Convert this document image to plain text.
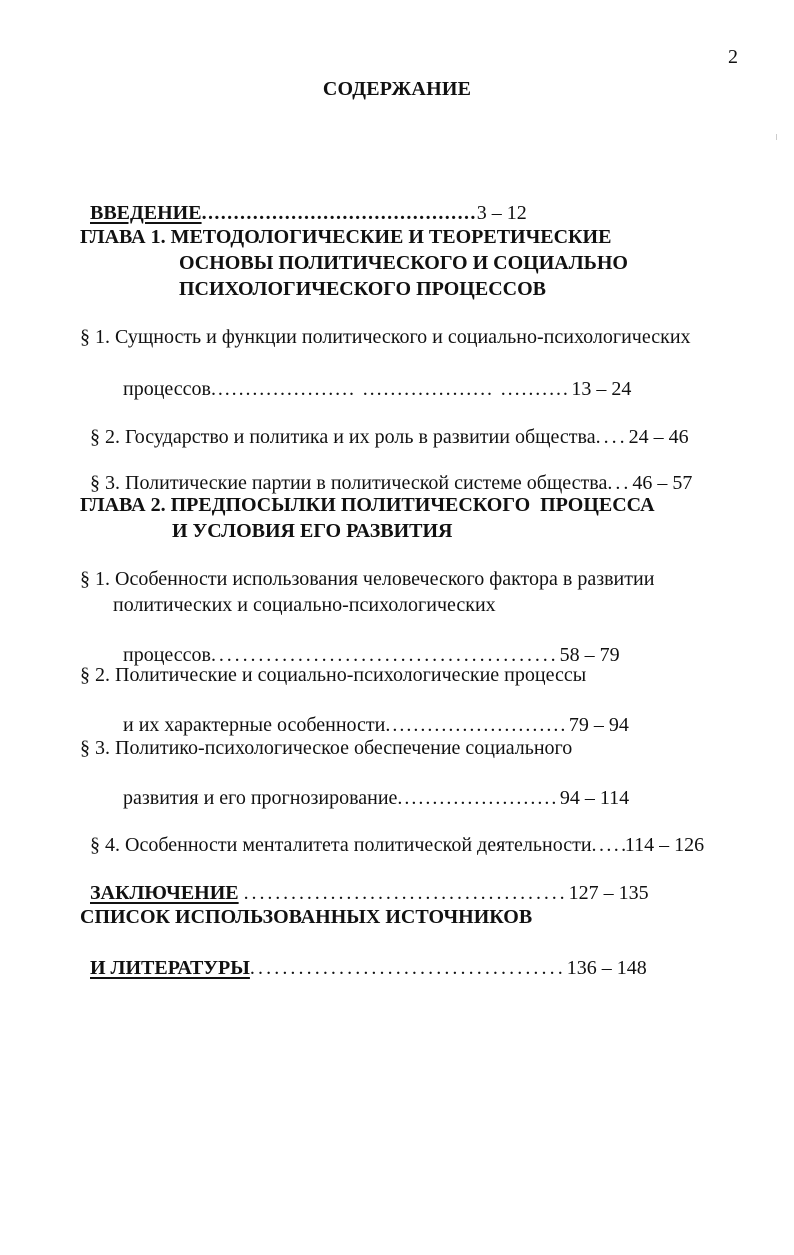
2
СОДЕРЖАНИЕ

ВВЕДЕНИЕ...........................................3 – 12

ГЛАВА 1. МЕТОДОЛОГИЧЕСКИЕ И ТЕОРЕТИЧЕСКИЕ
ОСНОВЫ ПОЛИТИЧЕСКОГО И СОЦИАЛЬНО
ПСИХОЛОГИЧЕСКОГО ПРОЦЕССОВ
§ 1. Сущность и функции политического и социально-психологических

процессов. . . . . . . . . . . . . . . . . . . . .   . . . . . . . . . . . . . . . . . . .   . . . . . . . . . . 13 – 24

§ 2. Государство и политика и их роль в развитии общества. . . . 24 – 46

§ 3. Политические партии в политической системе общества. . . 46 – 57

ГЛАВА 2. ПРЕДПОСЫЛКИ ПОЛИТИЧЕСКОГО  ПРОЦЕССА
И УСЛОВИЯ ЕГО РАЗВИТИЯ
§ 1. Особенности использования человеческого фактора в развитии
политических и социально-психологических

процессов. . . . . . . . . . . . . . . . . . . . . . . . . . . . . . . . . . . . . . . . . . . . 58 – 79

§ 2. Политические и социально-психологические процессы

и их характерные особенности. . . . . . . . . . . . . . . . . . . . . . . . . . 79 – 94

§ 3. Политико-психологическое обеспечение социального

развития и его прогнозирование. . . . . . . . . . . . . . . . . . . . . . . 94 – 114

§ 4. Особенности менталитета политической деятельности. . . . .114 – 126

ЗАКЛЮЧЕНИЕ . . . . . . . . . . . . . . . . . . . . . . . . . . . . . . . . . . . . . . . . . 127 – 135

СПИСОК ИСПОЛЬЗОВАННЫХ ИСТОЧНИКОВ

И ЛИТЕРАТУРЫ. . . . . . . . . . . . . . . . . . . . . . . . . . . . . . . . . . . . . . . 136 – 148
